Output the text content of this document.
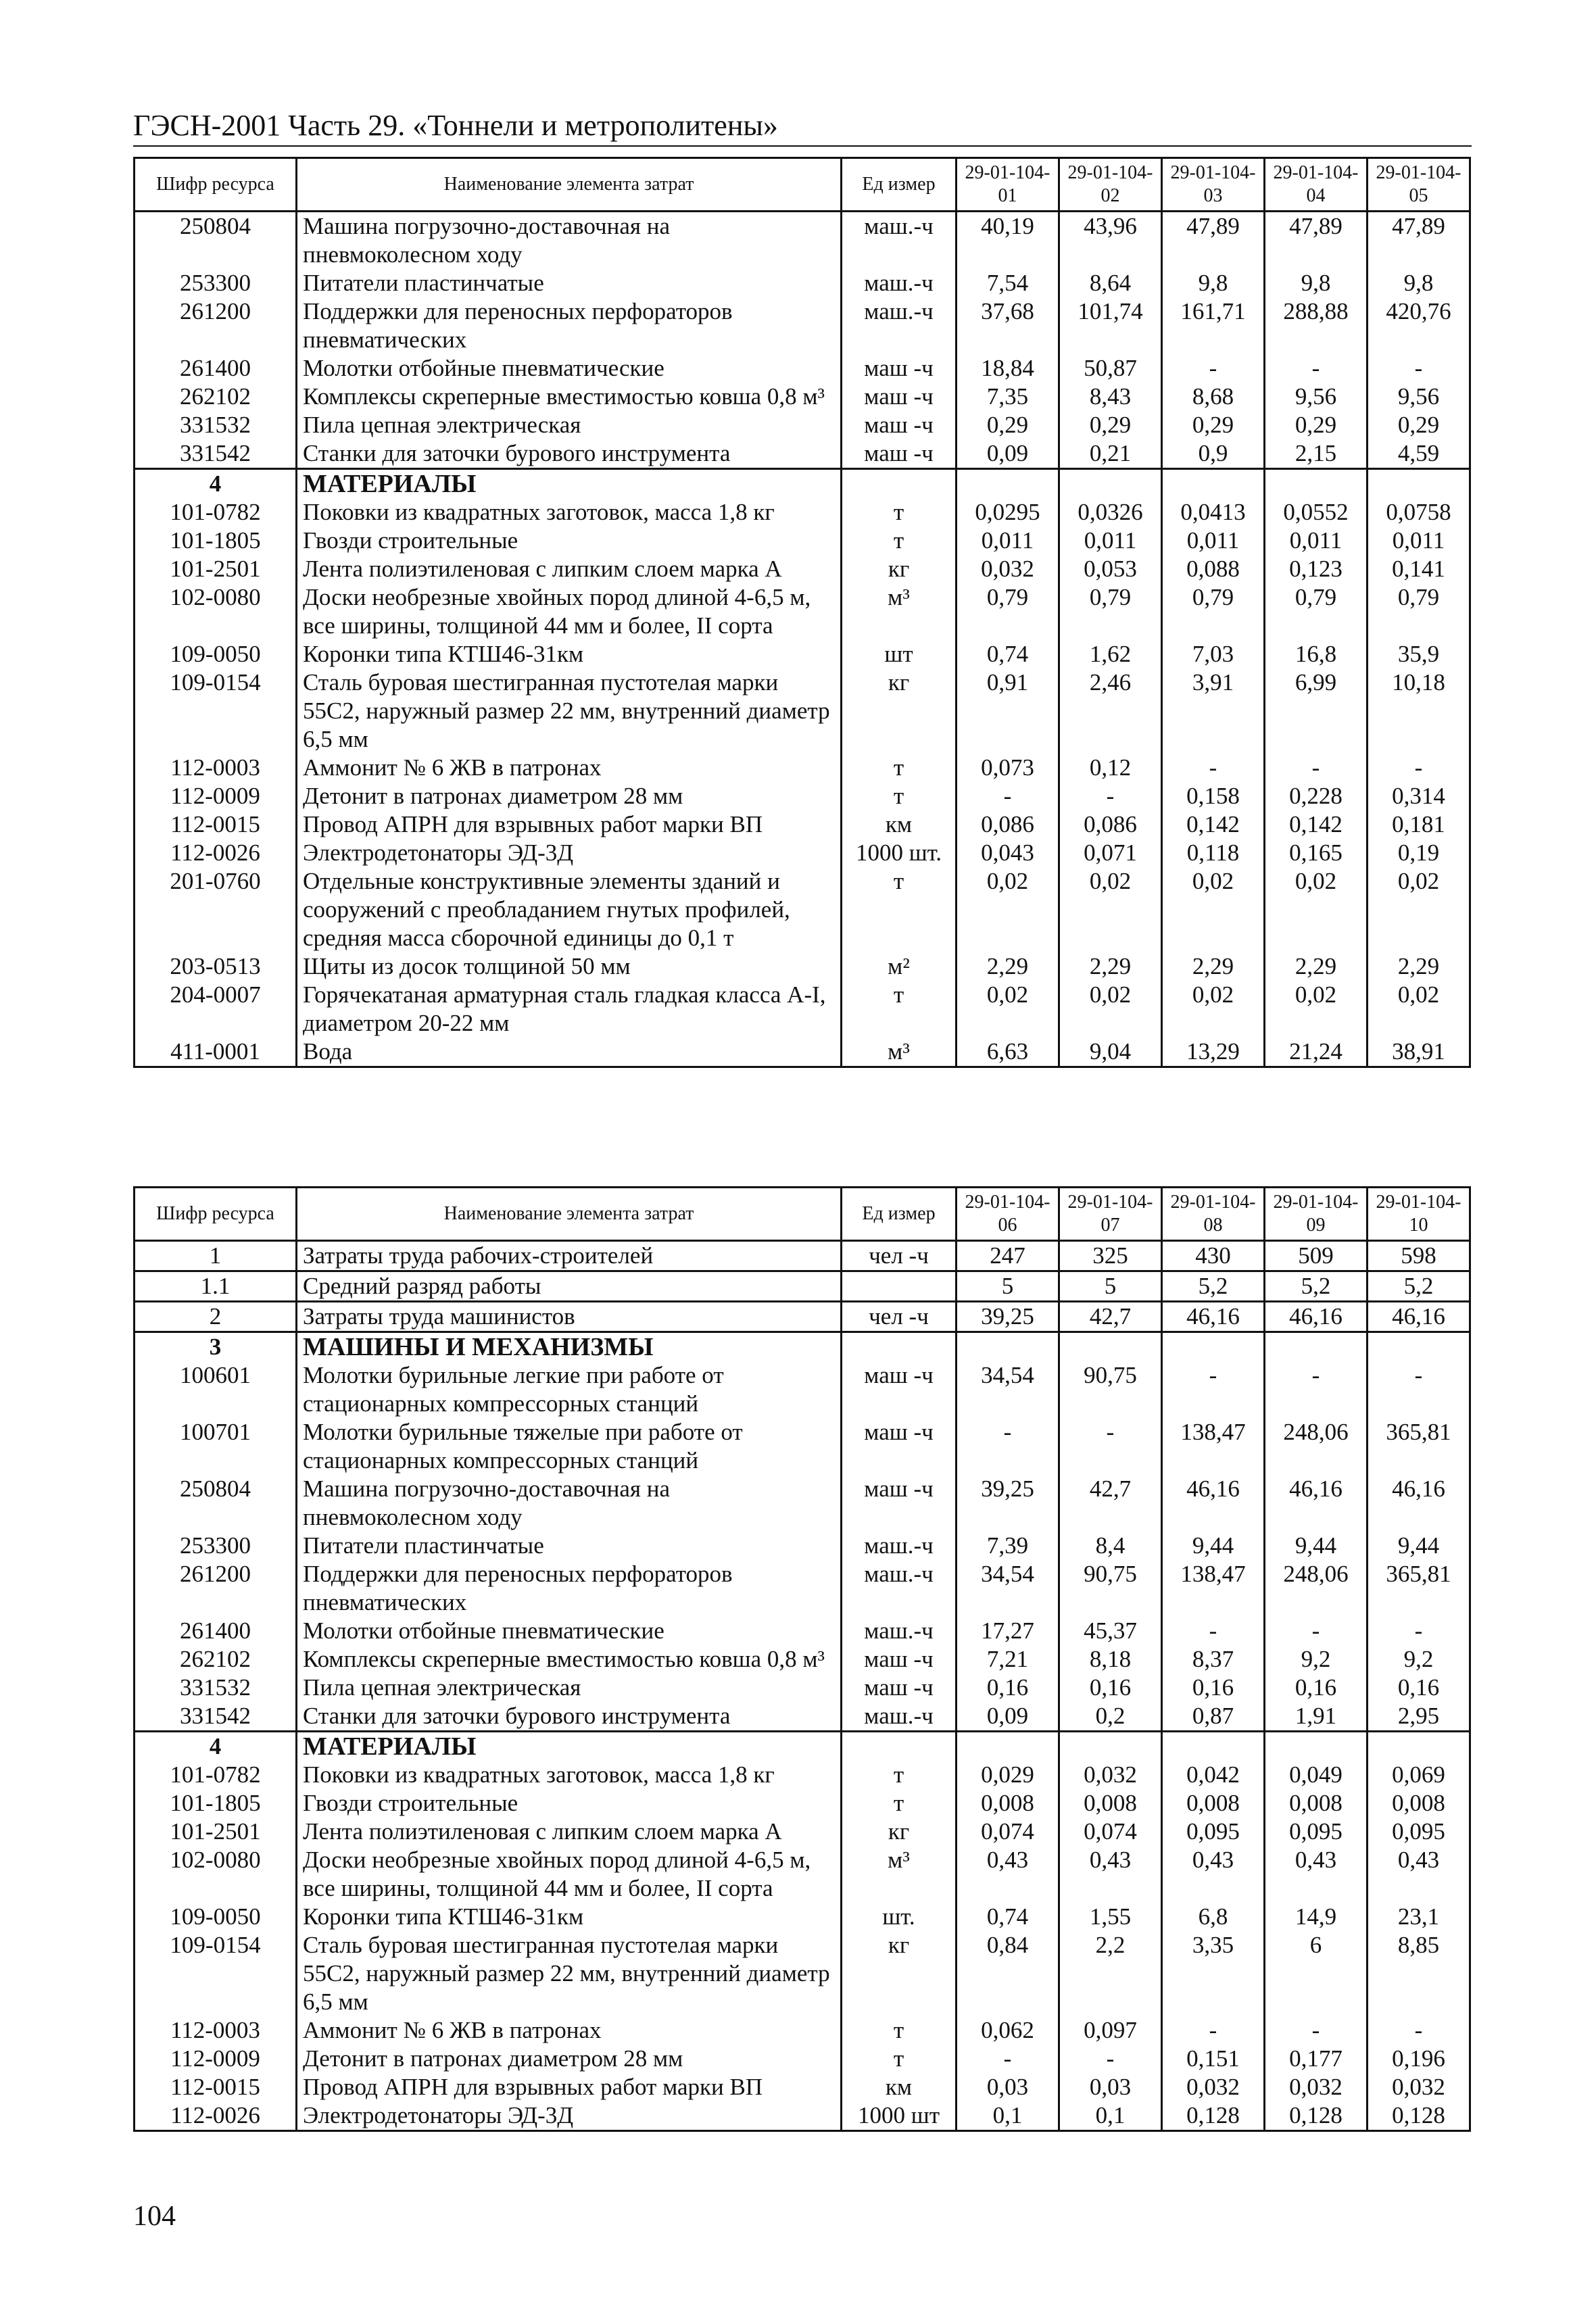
ГЭСН-2001 Часть 29. «Тоннели и метрополитены»
Шифр ресурса	Наименование элемента затрат	Ед измер	29-01-104-01	29-01-104-02	29-01-104-03	29-01-104-04	29-01-104-05
250804	Машина погрузочно-доставочная на пневмоколесном ходу	маш.-ч	40,19	43,96	47,89	47,89	47,89
253300	Питатели пластинчатые	маш.-ч	7,54	8,64	9,8	9,8	9,8
261200	Поддержки для переносных перфораторов пневматических	маш.-ч	37,68	101,74	161,71	288,88	420,76
261400	Молотки отбойные пневматические	маш -ч	18,84	50,87	-	-	-
262102	Комплексы скреперные вместимостью ковша 0,8 м³	маш -ч	7,35	8,43	8,68	9,56	9,56
331532	Пила цепная электрическая	маш -ч	0,29	0,29	0,29	0,29	0,29
331542	Станки для заточки бурового инструмента	маш -ч	0,09	0,21	0,9	2,15	4,59
4	МАТЕРИАЛЫ						
101-0782	Поковки из квадратных заготовок, масса 1,8 кг	т	0,0295	0,0326	0,0413	0,0552	0,0758
101-1805	Гвозди строительные	т	0,011	0,011	0,011	0,011	0,011
101-2501	Лента полиэтиленовая с липким слоем марка А	кг	0,032	0,053	0,088	0,123	0,141
102-0080	Доски необрезные хвойных пород длиной 4-6,5 м, все ширины, толщиной 44 мм и более, II сорта	м³	0,79	0,79	0,79	0,79	0,79
109-0050	Коронки типа КТШ46-31км	шт	0,74	1,62	7,03	16,8	35,9
109-0154	Сталь буровая шестигранная пустотелая марки 55С2, наружный размер 22 мм, внутренний диаметр 6,5 мм	кг	0,91	2,46	3,91	6,99	10,18
112-0003	Аммонит № 6 ЖВ в патронах	т	0,073	0,12	-	-	-
112-0009	Детонит в патронах диаметром 28 мм	т	-	-	0,158	0,228	0,314
112-0015	Провод АПРН для взрывных работ марки ВП	км	0,086	0,086	0,142	0,142	0,181
112-0026	Электродетонаторы ЭД-3Д	1000 шт.	0,043	0,071	0,118	0,165	0,19
201-0760	Отдельные конструктивные элементы зданий и сооружений с преобладанием гнутых профилей, средняя масса сборочной единицы до 0,1 т	т	0,02	0,02	0,02	0,02	0,02
203-0513	Щиты из досок толщиной 50 мм	м²	2,29	2,29	2,29	2,29	2,29
204-0007	Горячекатаная арматурная сталь гладкая класса А-I, диаметром 20-22 мм	т	0,02	0,02	0,02	0,02	0,02
411-0001	Вода	м³	6,63	9,04	13,29	21,24	38,91
Шифр ресурса	Наименование элемента затрат	Ед измер	29-01-104-06	29-01-104-07	29-01-104-08	29-01-104-09	29-01-104-10
1	Затраты труда рабочих-строителей	чел -ч	247	325	430	509	598
1.1	Средний разряд работы		5	5	5,2	5,2	5,2
2	Затраты труда машинистов	чел -ч	39,25	42,7	46,16	46,16	46,16
3	МАШИНЫ И МЕХАНИЗМЫ						
100601	Молотки бурильные легкие при работе от стационарных компрессорных станций	маш -ч	34,54	90,75	-	-	-
100701	Молотки бурильные тяжелые при работе от стационарных компрессорных станций	маш -ч	-	-	138,47	248,06	365,81
250804	Машина погрузочно-доставочная на пневмоколесном ходу	маш -ч	39,25	42,7	46,16	46,16	46,16
253300	Питатели пластинчатые	маш.-ч	7,39	8,4	9,44	9,44	9,44
261200	Поддержки для переносных перфораторов пневматических	маш.-ч	34,54	90,75	138,47	248,06	365,81
261400	Молотки отбойные пневматические	маш.-ч	17,27	45,37	-	-	-
262102	Комплексы скреперные вместимостью ковша 0,8 м³	маш -ч	7,21	8,18	8,37	9,2	9,2
331532	Пила цепная электрическая	маш -ч	0,16	0,16	0,16	0,16	0,16
331542	Станки для заточки бурового инструмента	маш.-ч	0,09	0,2	0,87	1,91	2,95
4	МАТЕРИАЛЫ						
101-0782	Поковки из квадратных заготовок, масса 1,8 кг	т	0,029	0,032	0,042	0,049	0,069
101-1805	Гвозди строительные	т	0,008	0,008	0,008	0,008	0,008
101-2501	Лента полиэтиленовая с липким слоем марка А	кг	0,074	0,074	0,095	0,095	0,095
102-0080	Доски необрезные хвойных пород длиной 4-6,5 м, все ширины, толщиной 44 мм и более, II сорта	м³	0,43	0,43	0,43	0,43	0,43
109-0050	Коронки типа КТШ46-31км	шт.	0,74	1,55	6,8	14,9	23,1
109-0154	Сталь буровая шестигранная пустотелая марки 55С2, наружный размер 22 мм, внутренний диаметр 6,5 мм	кг	0,84	2,2	3,35	6	8,85
112-0003	Аммонит № 6 ЖВ в патронах	т	0,062	0,097	-	-	-
112-0009	Детонит в патронах диаметром 28 мм	т	-	-	0,151	0,177	0,196
112-0015	Провод АПРН для взрывных работ марки ВП	км	0,03	0,03	0,032	0,032	0,032
112-0026	Электродетонаторы ЭД-3Д	1000 шт	0,1	0,1	0,128	0,128	0,128
104
